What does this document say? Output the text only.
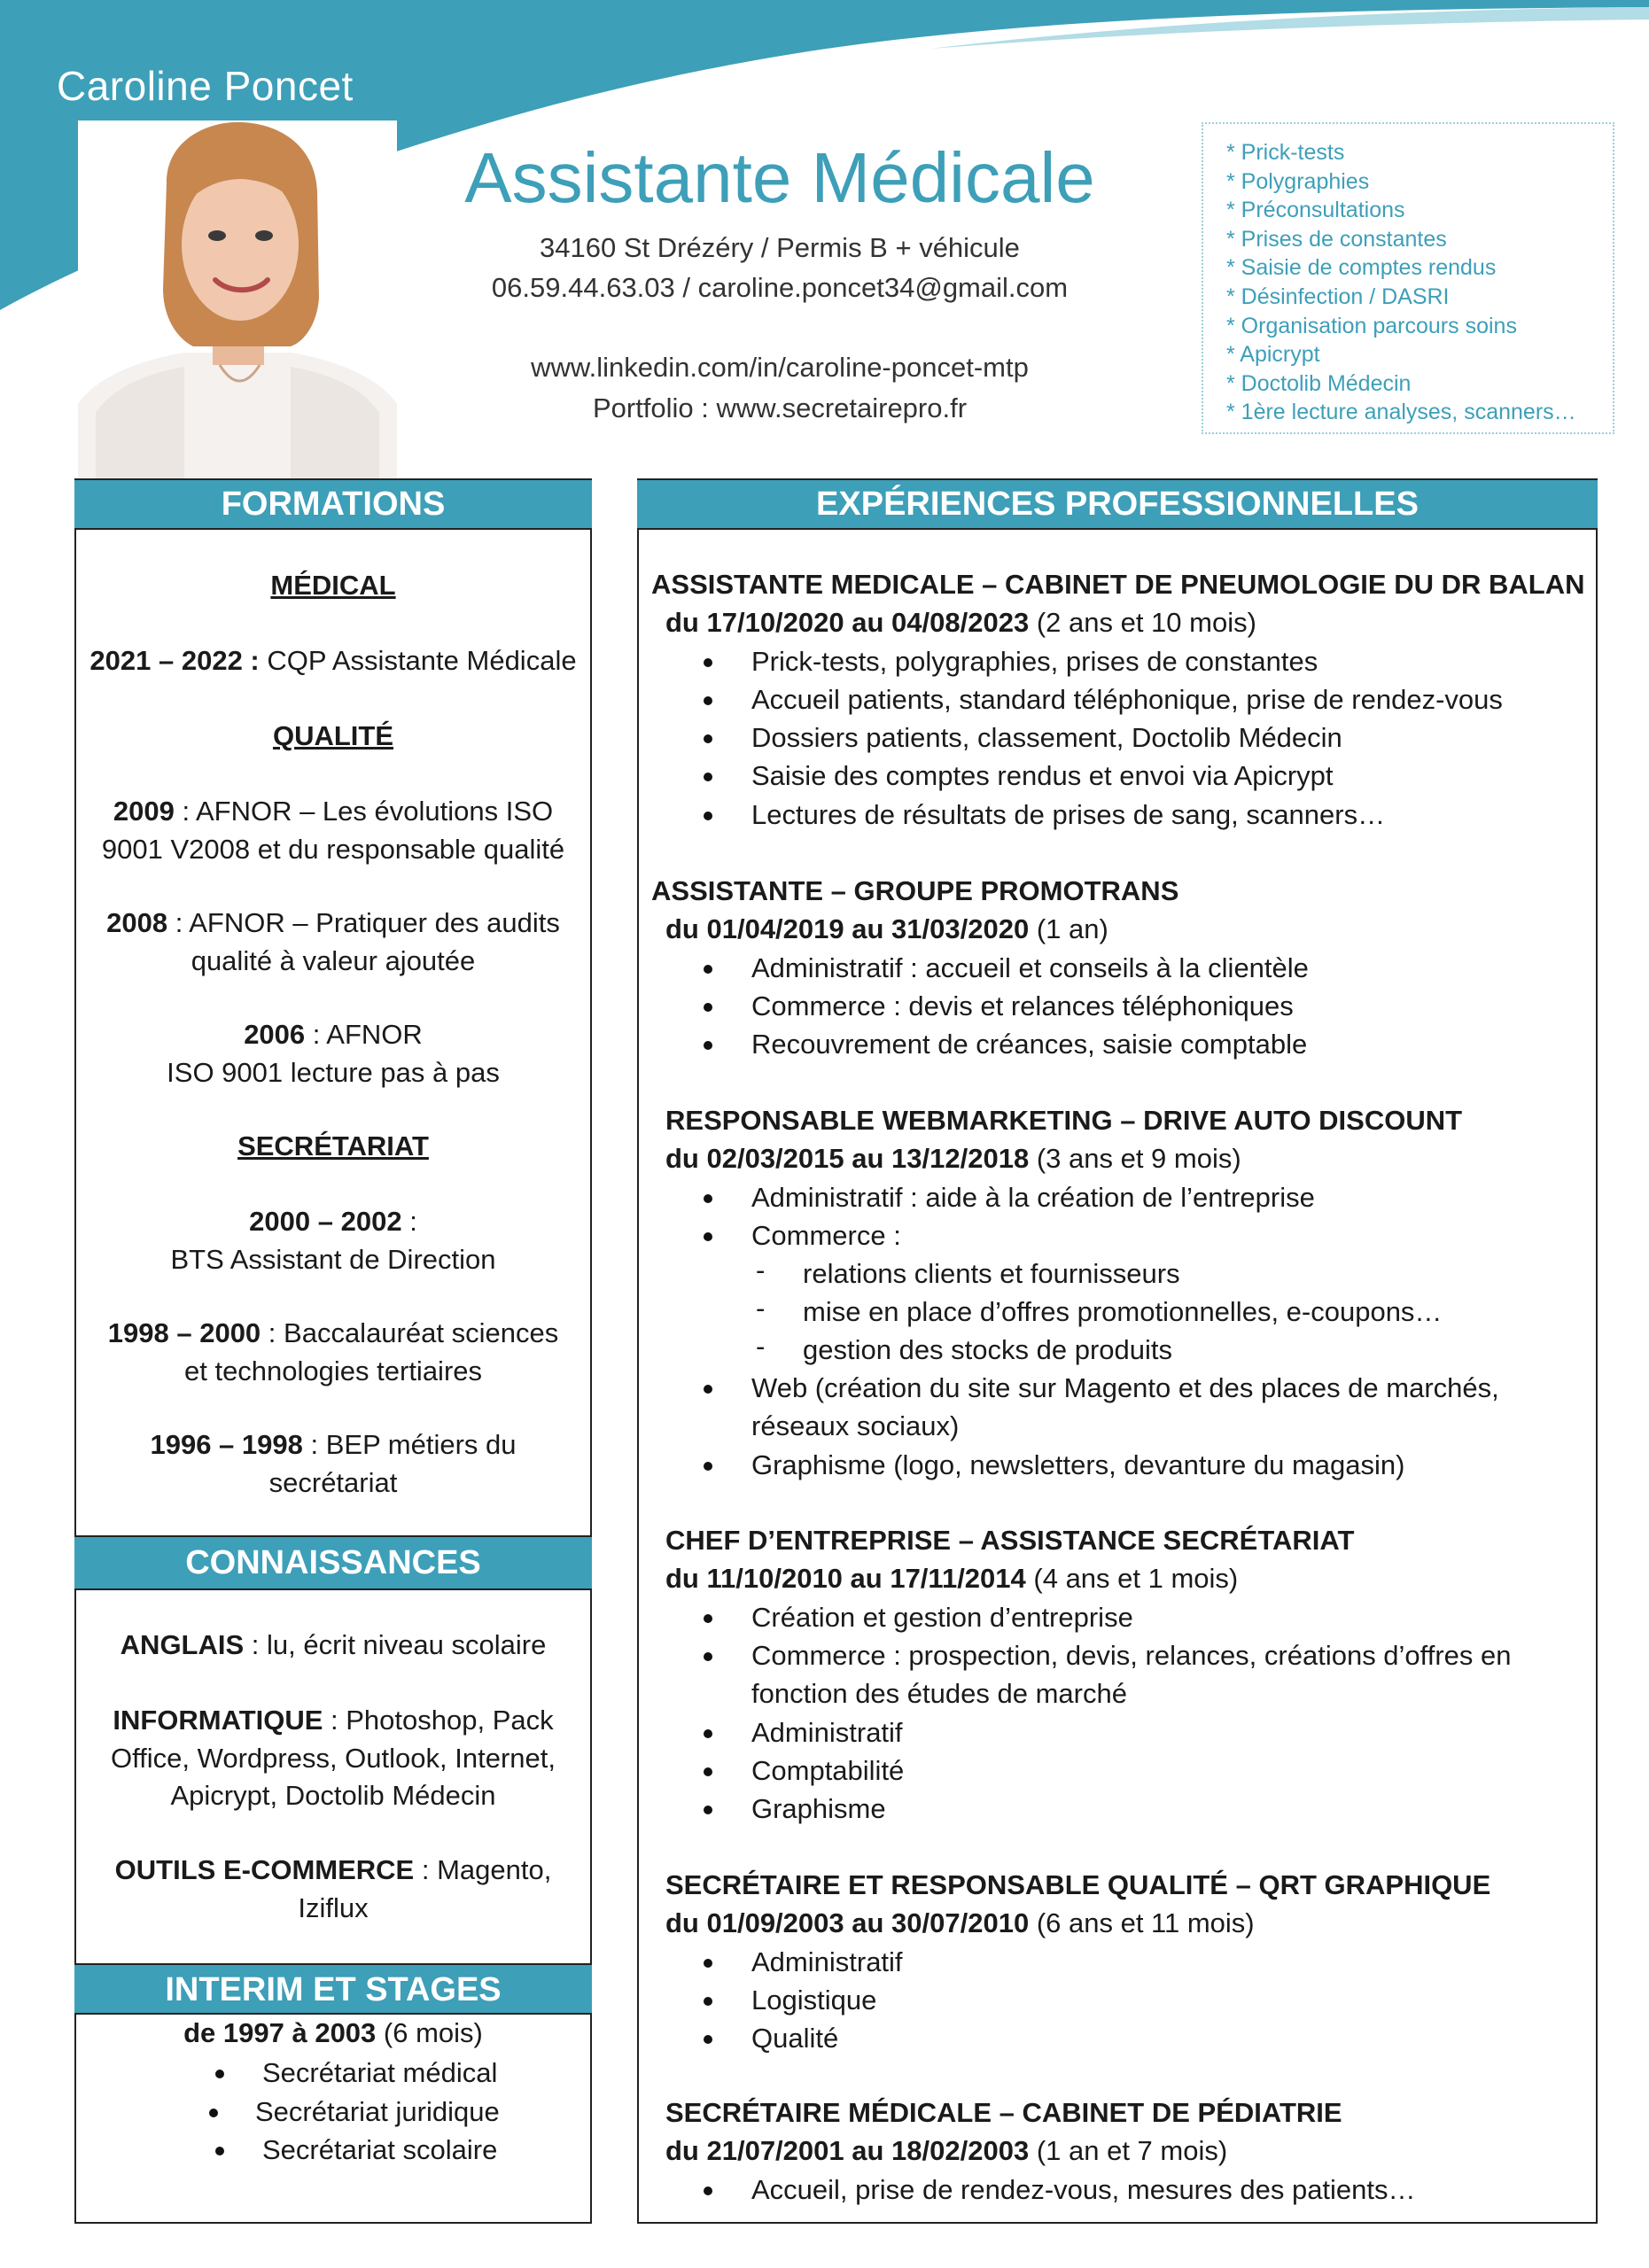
Caroline Poncet
Assistante Médicale
34160 St Drézéry / Permis B + véhicule
06.59.44.63.03 / caroline.poncet34@gmail.com
www.linkedin.com/in/caroline-poncet-mtp
Portfolio : www.secretairepro.fr
* Prick-tests
* Polygraphies
* Préconsultations
* Prises de constantes
* Saisie de comptes rendus
* Désinfection / DASRI
* Organisation parcours soins
* Apicrypt
* Doctolib Médecin
* 1ère lecture analyses, scanners…
FORMATIONS
MÉDICAL
2021 – 2022 : CQP Assistante Médicale
QUALITÉ
2009 : AFNOR – Les évolutions ISO
9001 V2008 et du responsable qualité
2008 : AFNOR – Pratiquer des audits
qualité à valeur ajoutée
2006 : AFNOR
ISO 9001 lecture pas à pas
SECRÉTARIAT
2000 – 2002 :
BTS Assistant de Direction
1998 – 2000 : Baccalauréat sciences
et technologies tertiaires
1996 – 1998 : BEP métiers du
secrétariat
CONNAISSANCES
ANGLAIS : lu, écrit niveau scolaire
INFORMATIQUE : Photoshop, Pack
Office, Wordpress, Outlook, Internet,
Apicrypt, Doctolib Médecin
OUTILS E-COMMERCE : Magento,
Iziflux
INTERIM ET STAGES
de 1997 à 2003 (6 mois)
Secrétariat médical
Secrétariat juridique
Secrétariat scolaire
EXPÉRIENCES PROFESSIONNELLES
ASSISTANTE MEDICALE – CABINET DE PNEUMOLOGIE DU DR BALAN
du 17/10/2020 au 04/08/2023 (2 ans et 10 mois)
Prick-tests, polygraphies, prises de constantes
Accueil patients, standard téléphonique, prise de rendez-vous
Dossiers patients, classement, Doctolib Médecin
Saisie des comptes rendus et envoi via Apicrypt
Lectures de résultats de prises de sang, scanners…
ASSISTANTE – GROUPE PROMOTRANS
du 01/04/2019 au 31/03/2020 (1 an)
Administratif : accueil et conseils à la clientèle
Commerce : devis et relances téléphoniques
Recouvrement de créances, saisie comptable
RESPONSABLE WEBMARKETING – DRIVE AUTO DISCOUNT
du 02/03/2015 au 13/12/2018 (3 ans et 9 mois)
Administratif : aide à la création de l’entreprise
Commerce :
- relations clients et fournisseurs
- mise en place d’offres promotionnelles, e-coupons…
- gestion des stocks de produits
Web (création du site sur Magento et des places de marchés,
réseaux sociaux)
Graphisme (logo, newsletters, devanture du magasin)
CHEF D’ENTREPRISE – ASSISTANCE SECRÉTARIAT
du 11/10/2010 au 17/11/2014 (4 ans et 1 mois)
Création et gestion d’entreprise
Commerce : prospection, devis, relances, créations d’offres en
fonction des études de marché
Administratif
Comptabilité
Graphisme
SECRÉTAIRE ET RESPONSABLE QUALITÉ – QRT GRAPHIQUE
du 01/09/2003 au 30/07/2010 (6 ans et 11 mois)
Administratif
Logistique
Qualité
SECRÉTAIRE MÉDICALE – CABINET DE PÉDIATRIE
du 21/07/2001 au 18/02/2003 (1 an et 7 mois)
Accueil, prise de rendez-vous, mesures des patients…
